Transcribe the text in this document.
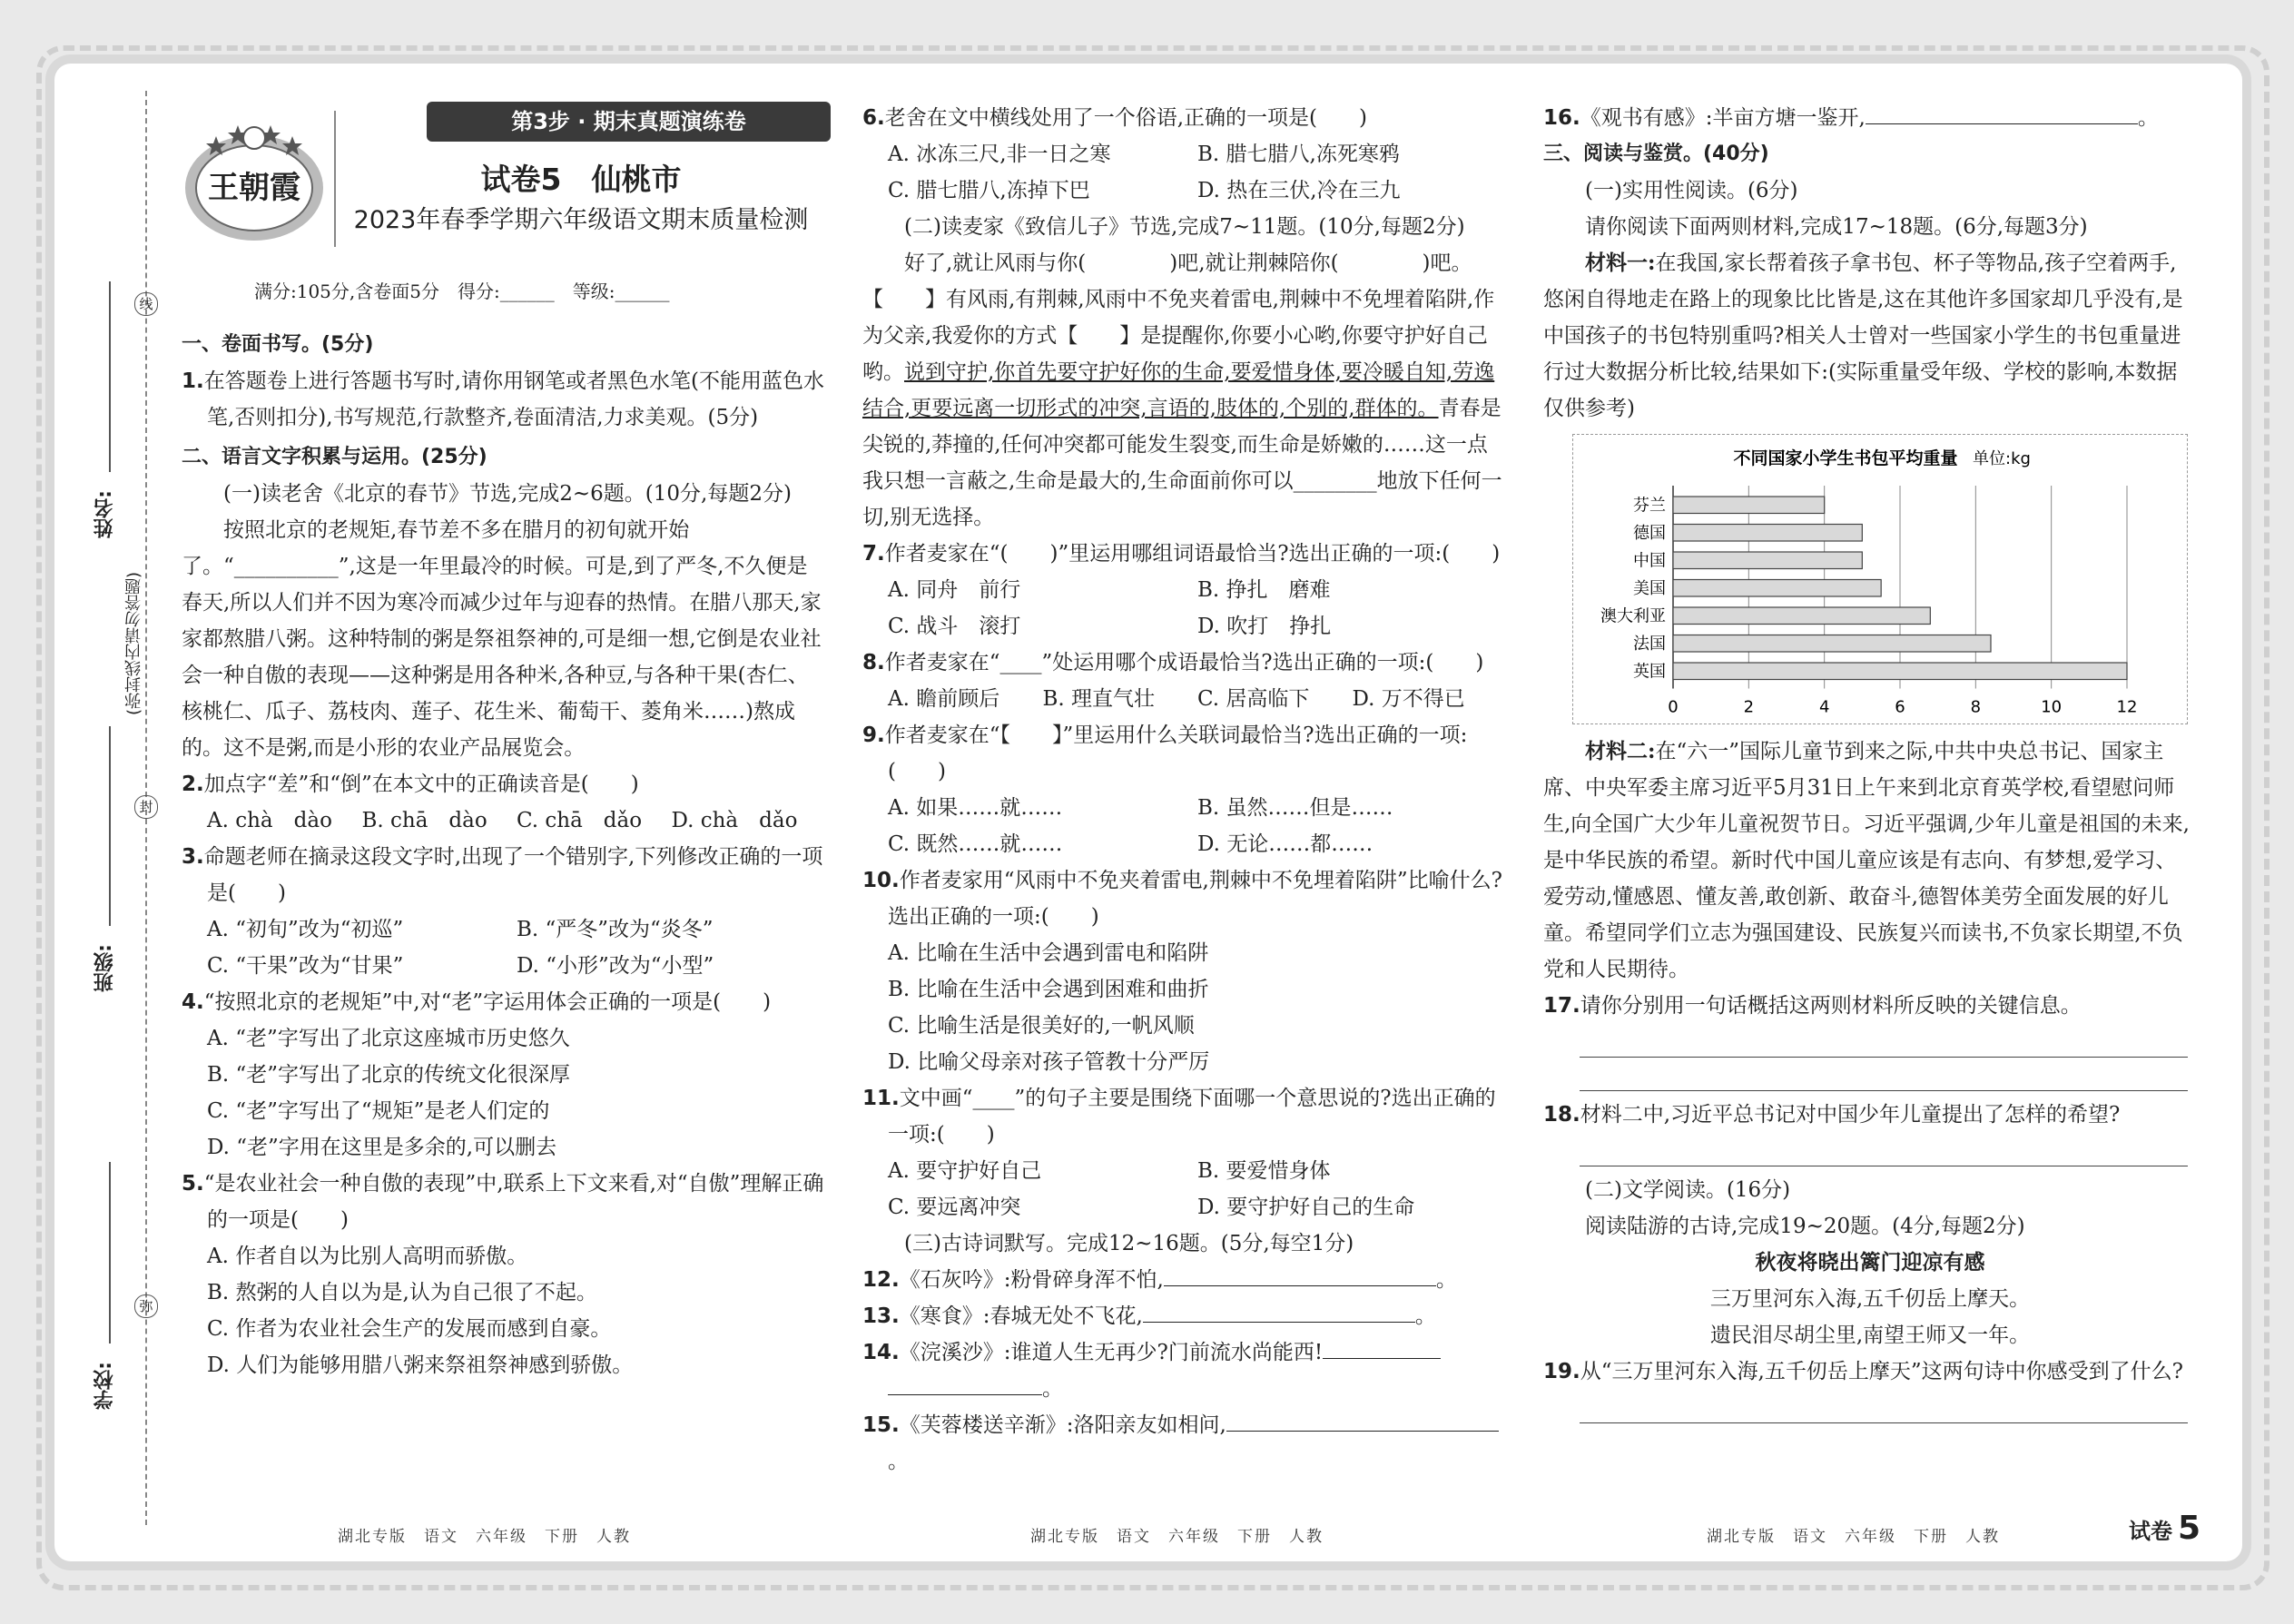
姓名:
班级:
学校:
(弥封线内请勿答题)
线
封
弥
王朝霞
第3步 · 期末真题演练卷
试卷5　仙桃市
2023年春季学期六年级语文期末质量检测
满分:105分,含卷面5分　得分:______　等级:______

一、卷面书写。(5分)

1.在答题卷上进行答题书写时,请你用钢笔或者黑色水笔(不能用蓝色水笔,否则扣分),书写规范,行款整齐,卷面清洁,力求美观。(5分)

二、语言文字积累与运用。(25分)

(一)读老舍《北京的春节》节选,完成2~6题。(10分,每题2分)

按照北京的老规矩,春节差不多在腊月的初旬就开始了。“__________”,这是一年里最冷的时候。可是,到了严冬,不久便是春天,所以人们并不因为寒冷而减少过年与迎春的热情。在腊八那天,家家都熬腊八粥。这种特制的粥是祭祖祭神的,可是细一想,它倒是农业社会一种自傲的表现——这种粥是用各种米,各种豆,与各种干果(杏仁、核桃仁、瓜子、荔枝肉、莲子、花生米、葡萄干、菱角米……)熬成的。这不是粥,而是小形的农业产品展览会。

2.加点字“差”和“倒”在本文中的正确读音是(　　)

A. chà　dào	B. chā　dào	C. chā　dǎo	D. chà　dǎo

3.命题老师在摘录这段文字时,出现了一个错别字,下列修改正确的一项是(　　)

A. “初旬”改为“初巡”	B. “严冬”改为“炎冬”
C. “干果”改为“甘果”	D. “小形”改为“小型”

4.“按照北京的老规矩”中,对“老”字运用体会正确的一项是(　　)

A. “老”字写出了北京这座城市历史悠久

B. “老”字写出了北京的传统文化很深厚

C. “老”字写出了“规矩”是老人们定的

D. “老”字用在这里是多余的,可以删去

5.“是农业社会一种自傲的表现”中,联系上下文来看,对“自傲”理解正确的一项是(　　)

A. 作者自以为比别人高明而骄傲。

B. 熬粥的人自以为是,认为自己很了不起。

C. 作者为农业社会生产的发展而感到自豪。

D. 人们为能够用腊八粥来祭祖祭神感到骄傲。

6.老舍在文中横线处用了一个俗语,正确的一项是(　　)

A. 冰冻三尺,非一日之寒	B. 腊七腊八,冻死寒鸦
C. 腊七腊八,冻掉下巴	D. 热在三伏,冷在三九

(二)读麦家《致信儿子》节选,完成7~11题。(10分,每题2分)

好了,就让风雨与你(　　　　)吧,就让荆棘陪你(　　　　)吧。【　　】有风雨,有荆棘,风雨中不免夹着雷电,荆棘中不免埋着陷阱,作为父亲,我爱你的方式【　　】是提醒你,你要小心哟,你要守护好自己哟。说到守护,你首先要守护好你的生命,要爱惜身体,要冷暖自知,劳逸结合,更要远离一切形式的冲突,言语的,肢体的,个别的,群体的。青春是尖锐的,莽撞的,任何冲突都可能发生裂变,而生命是娇嫩的……这一点我只想一言蔽之,生命是最大的,生命面前你可以________地放下任何一切,别无选择。

7.作者麦家在“(　　)”里运用哪组词语最恰当?选出正确的一项:(　　)

A. 同舟　前行	B. 挣扎　磨难
C. 战斗　滚打	D. 吹打　挣扎

8.作者麦家在“____”处运用哪个成语最恰当?选出正确的一项:(　　)

A. 瞻前顾后	B. 理直气壮	C. 居高临下	D. 万不得已

9.作者麦家在“【　　】”里运用什么关联词最恰当?选出正确的一项:(　　)

A. 如果……就……	B. 虽然……但是……
C. 既然……就……	D. 无论……都……

10.作者麦家用“风雨中不免夹着雷电,荆棘中不免埋着陷阱”比喻什么?选出正确的一项:(　　)

A. 比喻在生活中会遇到雷电和陷阱

B. 比喻在生活中会遇到困难和曲折

C. 比喻生活是很美好的,一帆风顺

D. 比喻父母亲对孩子管教十分严厉

11.文中画“____”的句子主要是围绕下面哪一个意思说的?选出正确的一项:(　　)

A. 要守护好自己	B. 要爱惜身体
C. 要远离冲突	D. 要守护好自己的生命

(三)古诗词默写。完成12~16题。(5分,每空1分)

12.《石灰吟》:粉骨碎身浑不怕,	。

13.《寒食》:春城无处不飞花,	。

14.《浣溪沙》:谁道人生无再少?门前流水尚能西!
。

15.《芙蓉楼送辛渐》:洛阳亲友如相问,。

16.《观书有感》:半亩方塘一鉴开,	。

三、阅读与鉴赏。(40分)

(一)实用性阅读。(6分)

请你阅读下面两则材料,完成17~18题。(6分,每题3分)

材料一:在我国,家长帮着孩子拿书包、杯子等物品,孩子空着两手,悠闲自得地走在路上的现象比比皆是,这在其他许多国家却几乎没有,是中国孩子的书包特别重吗?相关人士曾对一些国家小学生的书包重量进行过大数据分析比较,结果如下:(实际重量受年级、学校的影响,本数据仅供参考)

不同国家小学生书包平均重量 单位:kg
芬兰
德国
中国
美国
澳大利亚
法国
英国
0	2	4	6	8	10	12

材料二:在“六一”国际儿童节到来之际,中共中央总书记、国家主席、中央军委主席习近平5月31日上午来到北京育英学校,看望慰问师生,向全国广大少年儿童祝贺节日。习近平强调,少年儿童是祖国的未来,是中华民族的希望。新时代中国儿童应该是有志向、有梦想,爱学习、爱劳动,懂感恩、懂友善,敢创新、敢奋斗,德智体美劳全面发展的好儿童。希望同学们立志为强国建设、民族复兴而读书,不负家长期望,不负党和人民期待。

17.请你分别用一句话概括这两则材料所反映的关键信息。

18.材料二中,习近平总书记对中国少年儿童提出了怎样的希望?

(二)文学阅读。(16分)

阅读陆游的古诗,完成19~20题。(4分,每题2分)

秋夜将晓出篱门迎凉有感

三万里河东入海,五千仞岳上摩天。

遗民泪尽胡尘里,南望王师又一年。

19.从“三万里河东入海,五千仞岳上摩天”这两句诗中你感受到了什么?

湖北专版　语文　六年级　下册　人教	湖北专版　语文　六年级　下册　人教	湖北专版　语文　六年级　下册　人教	试卷 5
